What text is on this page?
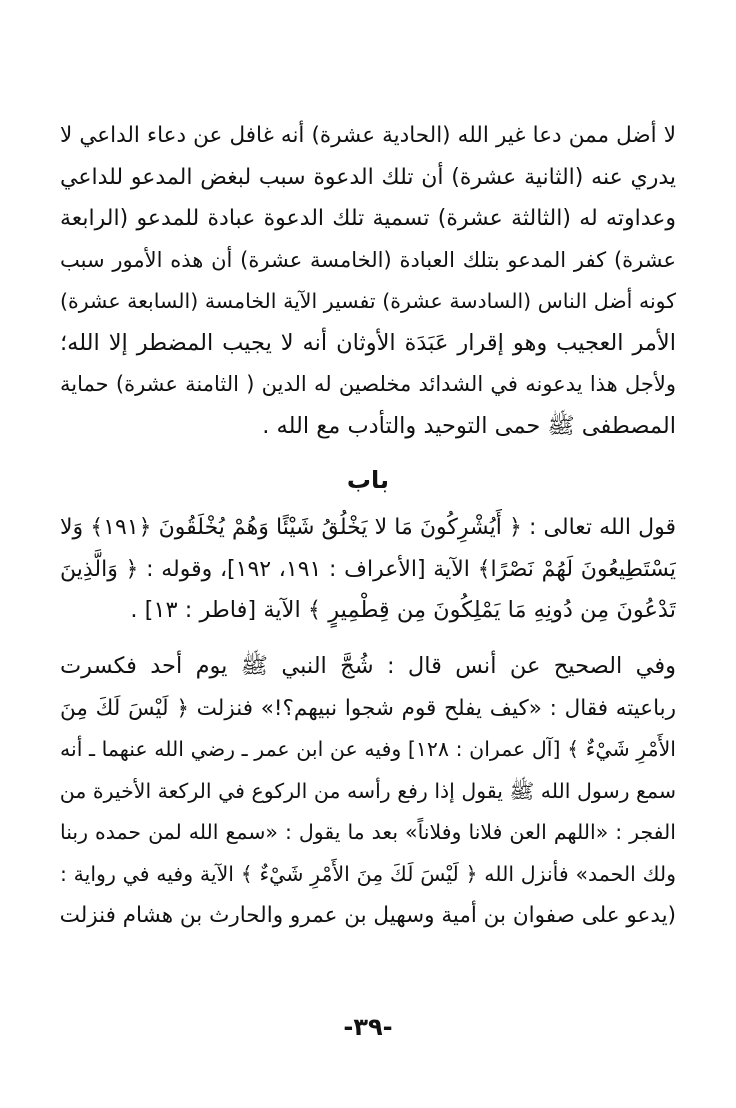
لا أضل ممن دعا غير الله (الحادية عشرة) أنه غافل عن دعاء الداعي لا
يدري عنه (الثانية عشرة) أن تلك الدعوة سبب لبغض المدعو للداعي
وعداوته له (الثالثة عشرة) تسمية تلك الدعوة عبادة للمدعو (الرابعة
عشرة) كفر المدعو بتلك العبادة (الخامسة عشرة) أن هذه الأمور سبب
كونه أضل الناس (السادسة عشرة) تفسير الآية الخامسة (السابعة عشرة)
الأمر العجيب وهو إقرار عَبَدَة الأوثان أنه لا يجيب المضطر إلا الله؛
ولأجل هذا يدعونه في الشدائد مخلصين له الدين ( الثامنة عشرة) حماية
المصطفى ﷺ حمى التوحيد والتأدب مع الله .
باب
قول الله تعالى : ﴿ أَيُشْرِكُونَ مَا لا يَخْلُقُ شَيْئًا وَهُمْ يُخْلَقُونَ ﴿١٩١﴾ وَلا
يَسْتَطِيعُونَ لَهُمْ نَصْرًا﴾ الآية [الأعراف : ١٩١، ١٩٢]، وقوله : ﴿ وَالَّذِينَ
تَدْعُونَ مِن دُونِهِ مَا يَمْلِكُونَ مِن قِطْمِيرٍ ﴾ الآية [فاطر : ١٣] .
وفي الصحيح عن أنس قال : شُجَّ النبي ﷺ يوم أحد فكسرت
رباعيته فقال : «كيف يفلح قوم شجوا نبيهم؟!» فنزلت ﴿ لَيْسَ لَكَ مِنَ
الأَمْرِ شَيْءٌ ﴾ [آل عمران : ١٢٨] وفيه عن ابن عمر ـ رضي الله عنهما ـ أنه
سمع رسول الله ﷺ يقول إذا رفع رأسه من الركوع في الركعة الأخيرة من
الفجر : «اللهم العن فلانا وفلاناً» بعد ما يقول : «سمع الله لمن حمده ربنا
ولك الحمد» فأنزل الله ﴿ لَيْسَ لَكَ مِنَ الأَمْرِ شَيْءٌ ﴾ الآية وفيه في رواية :
(يدعو على صفوان بن أمية وسهيل بن عمرو والحارث بن هشام فنزلت
-٣٩-
